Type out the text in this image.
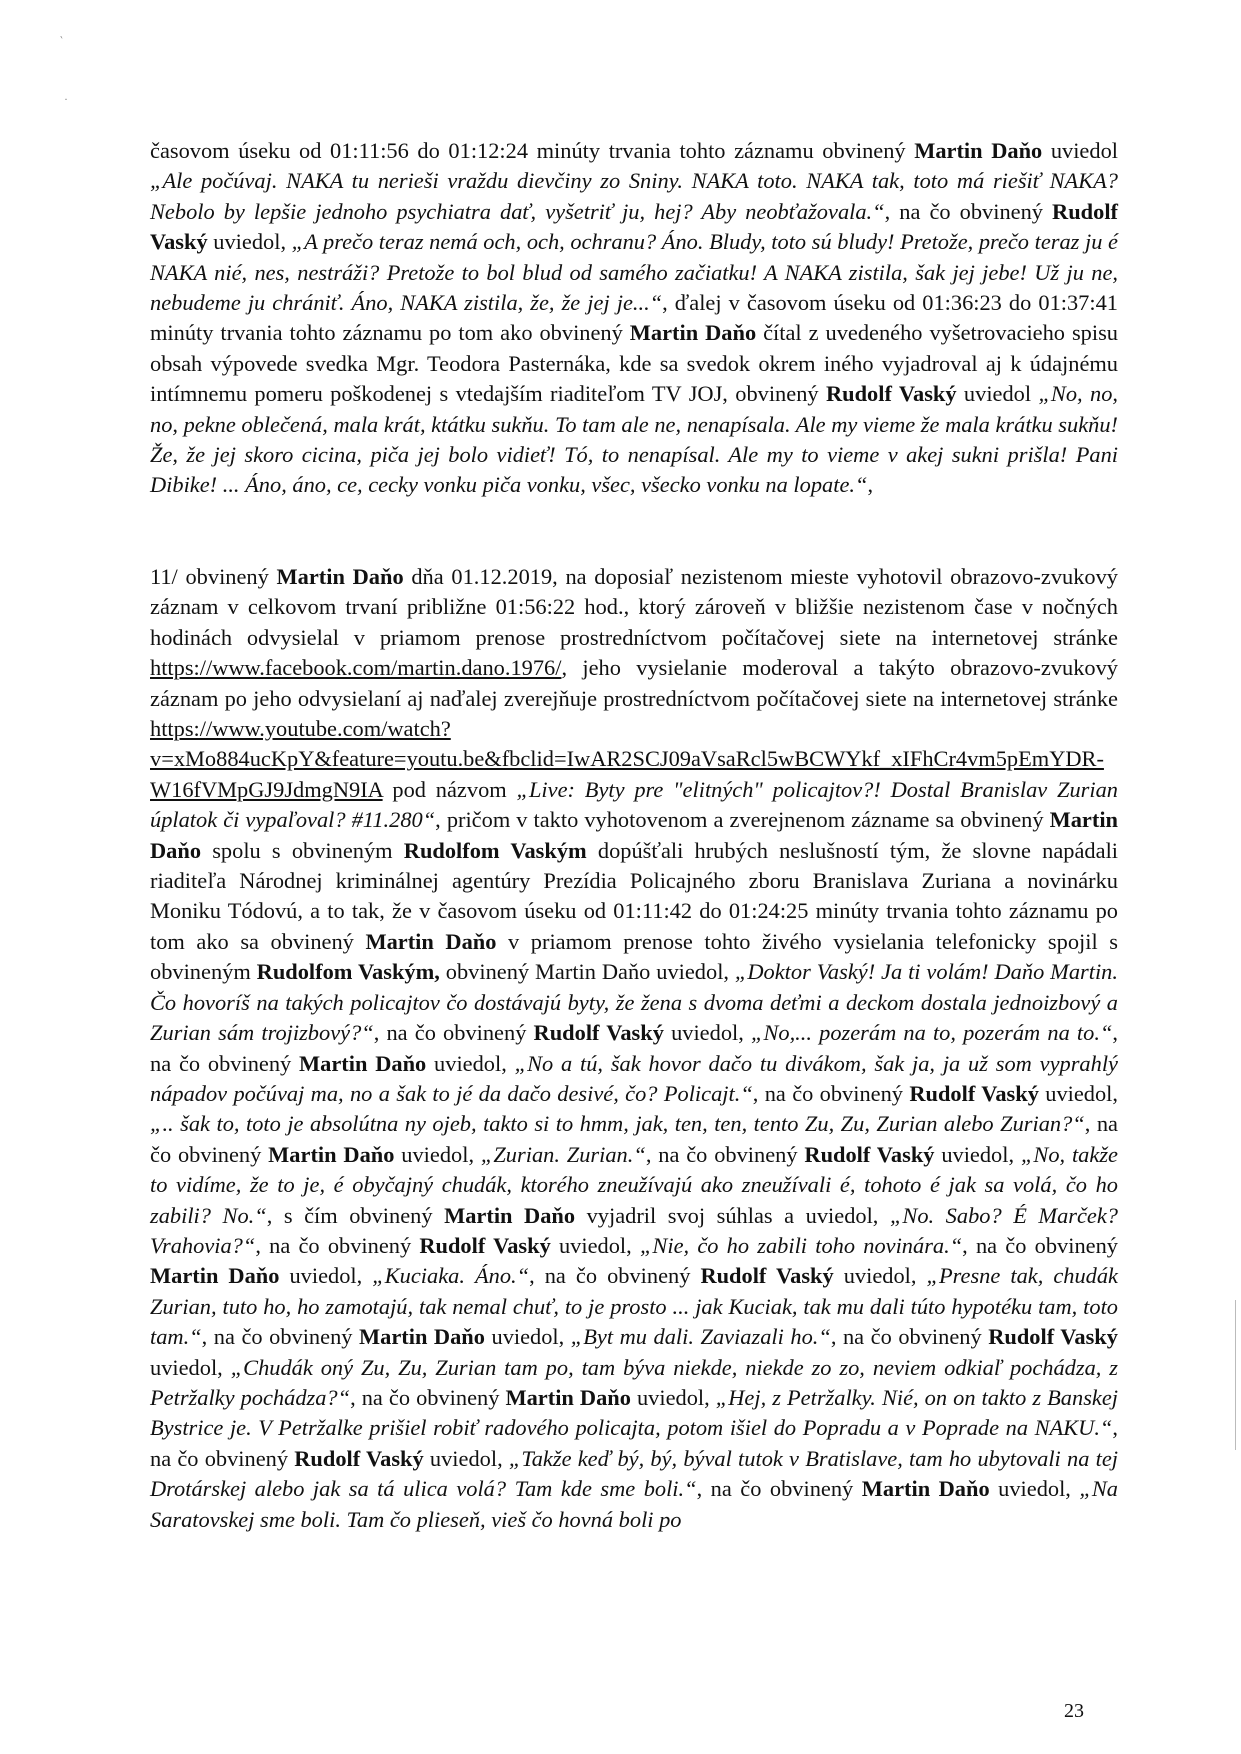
‵
·
časovom úseku od 01:11:56 do 01:12:24 minúty trvania tohto záznamu obvinený Martin Daňo uviedol „Ale počúvaj. NAKA tu nerieši vraždu dievčiny zo Sniny. NAKA toto. NAKA tak, toto má riešiť NAKA? Nebolo by lepšie jednoho psychiatra dať, vyšetriť ju, hej? Aby neobťažovala.“, na čo obvinený Rudolf Vaský uviedol, „A prečo teraz nemá och, och, ochranu? Áno. Bludy, toto sú bludy! Pretože, prečo teraz ju é NAKA nié, nes, nestráži? Pretože to bol blud od samého začiatku! A NAKA zistila, šak jej jebe! Už ju ne, nebudeme ju chrániť. Áno, NAKA zistila, že, že jej je...“, ďalej v časovom úseku od 01:36:23 do 01:37:41 minúty trvania tohto záznamu po tom ako obvinený Martin Daňo čítal z uvedeného vyšetrovacieho spisu obsah výpovede svedka Mgr. Teodora Pasternáka, kde sa svedok okrem iného vyjadroval aj k údajnému intímnemu pomeru poškodenej s vtedajším riaditeľom TV JOJ, obvinený Rudolf Vaský uviedol „No, no, no, pekne oblečená, mala krát, ktátku sukňu. To tam ale ne, nenapísala. Ale my vieme že mala krátku sukňu! Že, že jej skoro cicina, piča jej bolo vidieť! Tó, to nenapísal. Ale my to vieme v akej sukni prišla! Pani Dibike! ... Áno, áno, ce, cecky vonku piča vonku, všec, všecko vonku na lopate.“,
11/ obvinený Martin Daňo dňa 01.12.2019, na doposiaľ nezistenom mieste vyhotovil obrazovo-zvukový záznam v celkovom trvaní približne 01:56:22 hod., ktorý zároveň v bližšie nezistenom čase v nočných hodinách odvysielal v priamom prenose prostredníctvom počítačovej siete na internetovej stránke https://www.facebook.com/martin.dano.1976/, jeho vysielanie moderoval a takýto obrazovo-zvukový záznam po jeho odvysielaní aj naďalej zverejňuje prostredníctvom počítačovej siete na internetovej stránke https://www.youtube.com/watch?v=xMo884ucKpY&feature=youtu.be&fbclid=IwAR2SCJ09aVsaRcl5wBCWYkf_xIFhCr4vm5pEmYDR-W16fVMpGJ9JdmgN9IA pod názvom „Live: Byty pre "elitných" policajtov?! Dostal Branislav Zurian úplatok či vypaľoval? #11.280“, pričom v takto vyhotovenom a zverejnenom zázname sa obvinený Martin Daňo spolu s obvineným Rudolfom Vaským dopúšťali hrubých neslušností tým, že slovne napádali riaditeľa Národnej kriminálnej agentúry Prezídia Policajného zboru Branislava Zuriana a novinárku Moniku Tódovú, a to tak, že v časovom úseku od 01:11:42 do 01:24:25 minúty trvania tohto záznamu po tom ako sa obvinený Martin Daňo v priamom prenose tohto živého vysielania telefonicky spojil s obvineným Rudolfom Vaským, obvinený Martin Daňo uviedol, „Doktor Vaský! Ja ti volám! Daňo Martin. Čo hovoríš na takých policajtov čo dostávajú byty, že žena s dvoma deťmi a deckom dostala jednoizbový a Zurian sám trojizbový?“, na čo obvinený Rudolf Vaský uviedol, „No,... pozerám na to, pozerám na to.“, na čo obvinený Martin Daňo uviedol, „No a tú, šak hovor dačo tu divákom, šak ja, ja už som vyprahlý nápadov počúvaj ma, no a šak to jé da dačo desivé, čo? Policajt.“, na čo obvinený Rudolf Vaský uviedol, „.. šak to, toto je absolútna ny ojeb, takto si to hmm, jak, ten, ten, tento Zu, Zu, Zurian alebo Zurian?“, na čo obvinený Martin Daňo uviedol, „Zurian. Zurian.“, na čo obvinený Rudolf Vaský uviedol, „No, takže to vidíme, že to je, é obyčajný chudák, ktorého zneužívajú ako zneužívali é, tohoto é jak sa volá, čo ho zabili? No.“, s čím obvinený Martin Daňo vyjadril svoj súhlas a uviedol, „No. Sabo? É Marček? Vrahovia?“, na čo obvinený Rudolf Vaský uviedol, „Nie, čo ho zabili toho novinára.“, na čo obvinený Martin Daňo uviedol, „Kuciaka. Áno.“, na čo obvinený Rudolf Vaský uviedol, „Presne tak, chudák Zurian, tuto ho, ho zamotajú, tak nemal chuť, to je prosto ... jak Kuciak, tak mu dali túto hypotéku tam, toto tam.“, na čo obvinený Martin Daňo uviedol, „Byt mu dali. Zaviazali ho.“, na čo obvinený Rudolf Vaský uviedol, „Chudák oný Zu, Zu, Zurian tam po, tam býva niekde, niekde zo zo, neviem odkiaľ pochádza, z Petržalky pochádza?“, na čo obvinený Martin Daňo uviedol, „Hej, z Petržalky. Nié, on on takto z Banskej Bystrice je. V Petržalke prišiel robiť radového policajta, potom išiel do Popradu a v Poprade na NAKU.“, na čo obvinený Rudolf Vaský uviedol, „Takže keď bý, bý, býval tutok v Bratislave, tam ho ubytovali na tej Drotárskej alebo jak sa tá ulica volá? Tam kde sme boli.“, na čo obvinený Martin Daňo uviedol, „Na Saratovskej sme boli. Tam čo plieseň, vieš čo hovná boli po
23
